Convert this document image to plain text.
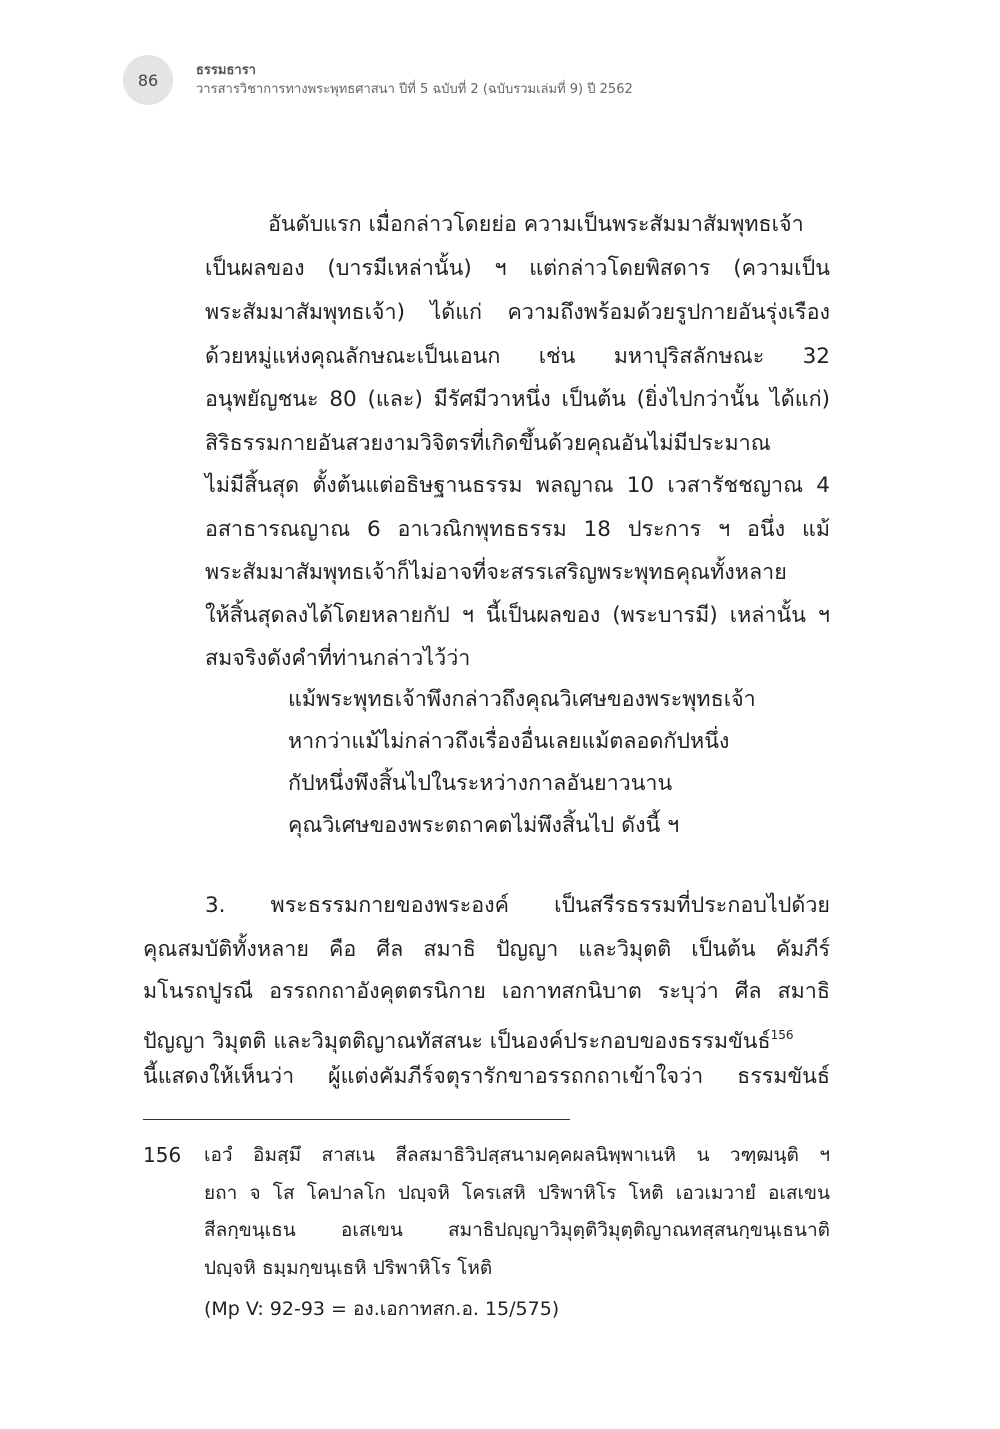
86	ธรรมธารา
วารสารวิชาการทางพระพุทธศาสนา ปีที่ 5 ฉบับที่ 2 (ฉบับรวมเล่มที่ 9) ปี 2562
อันดับแรก เมื่อกล่าวโดยย่อ ความเป็นพระสัมมาสัมพุทธเจ้า
เป็นผลของ (บารมีเหล่านั้น) ฯ แต่กล่าวโดยพิสดาร (ความเป็น
พระสัมมาสัมพุทธเจ้า) ได้แก่ ความถึงพร้อมด้วยรูปกายอันรุ่งเรือง
ด้วยหมู่แห่งคุณลักษณะเป็นเอนก เช่น มหาปุริสลักษณะ 32
อนุพยัญชนะ 80 (และ) มีรัศมีวาหนึ่ง เป็นต้น (ยิ่งไปกว่านั้น ได้แก่)
สิริธรรมกายอันสวยงามวิจิตรที่เกิดขึ้นด้วยคุณอันไม่มีประมาณ
ไม่มีสิ้นสุด ตั้งต้นแต่อธิษฐานธรรม พลญาณ 10 เวสารัชชญาณ 4
อสาธารณญาณ 6 อาเวณิกพุทธธรรม 18 ประการ ฯ อนึ่ง แม้
พระสัมมาสัมพุทธเจ้าก็ไม่อาจที่จะสรรเสริญพระพุทธคุณทั้งหลาย
ให้สิ้นสุดลงได้โดยหลายกัป ฯ นี้เป็นผลของ (พระบารมี) เหล่านั้น ฯ
สมจริงดังคำที่ท่านกล่าวไว้ว่า
แม้พระพุทธเจ้าพึงกล่าวถึงคุณวิเศษของพระพุทธเจ้า
หากว่าแม้ไม่กล่าวถึงเรื่องอื่นเลยแม้ตลอดกัปหนึ่ง
กัปหนึ่งพึงสิ้นไปในระหว่างกาลอันยาวนาน
คุณวิเศษของพระตถาคตไม่พึงสิ้นไป ดังนี้ ฯ
3. พระธรรมกายของพระองค์ เป็นสรีรธรรมที่ประกอบไปด้วย
คุณสมบัติทั้งหลาย คือ ศีล สมาธิ ปัญญา และวิมุตติ เป็นต้น คัมภีร์
มโนรถปูรณี อรรถกถาอังคุตตรนิกาย เอกาทสกนิบาต ระบุว่า ศีล สมาธิ
ปัญญา วิมุตติ และวิมุตติญาณทัสสนะ เป็นองค์ประกอบของธรรมขันธ์$^{156}$
นี้แสดงให้เห็นว่า ผู้แต่งคัมภีร์จตุรารักขาอรรถกถาเข้าใจว่า ธรรมขันธ์
156 เอวํ อิมสฺมึ สาสเน สีลสมาธิวิปสฺสนามคฺคผลนิพฺพาเนหิ น วฑฺฒนฺติ ฯ
ยถา จ โส โคปาลโก ปญฺจหิ โครเสหิ ปริพาหิโร โหติ เอวเมวายํ อเสเขน
สีลกฺขนฺเธน อเสเขน สมาธิปญฺญาวิมุตฺติวิมุตฺติญาณทสฺสนกฺขนฺเธนาติ
ปญฺจหิ ธมฺมกฺขนฺเธหิ ปริพาหิโร โหติ
(Mp V: 92-93 = อง.เอกาทสก.อ. 15/575)
